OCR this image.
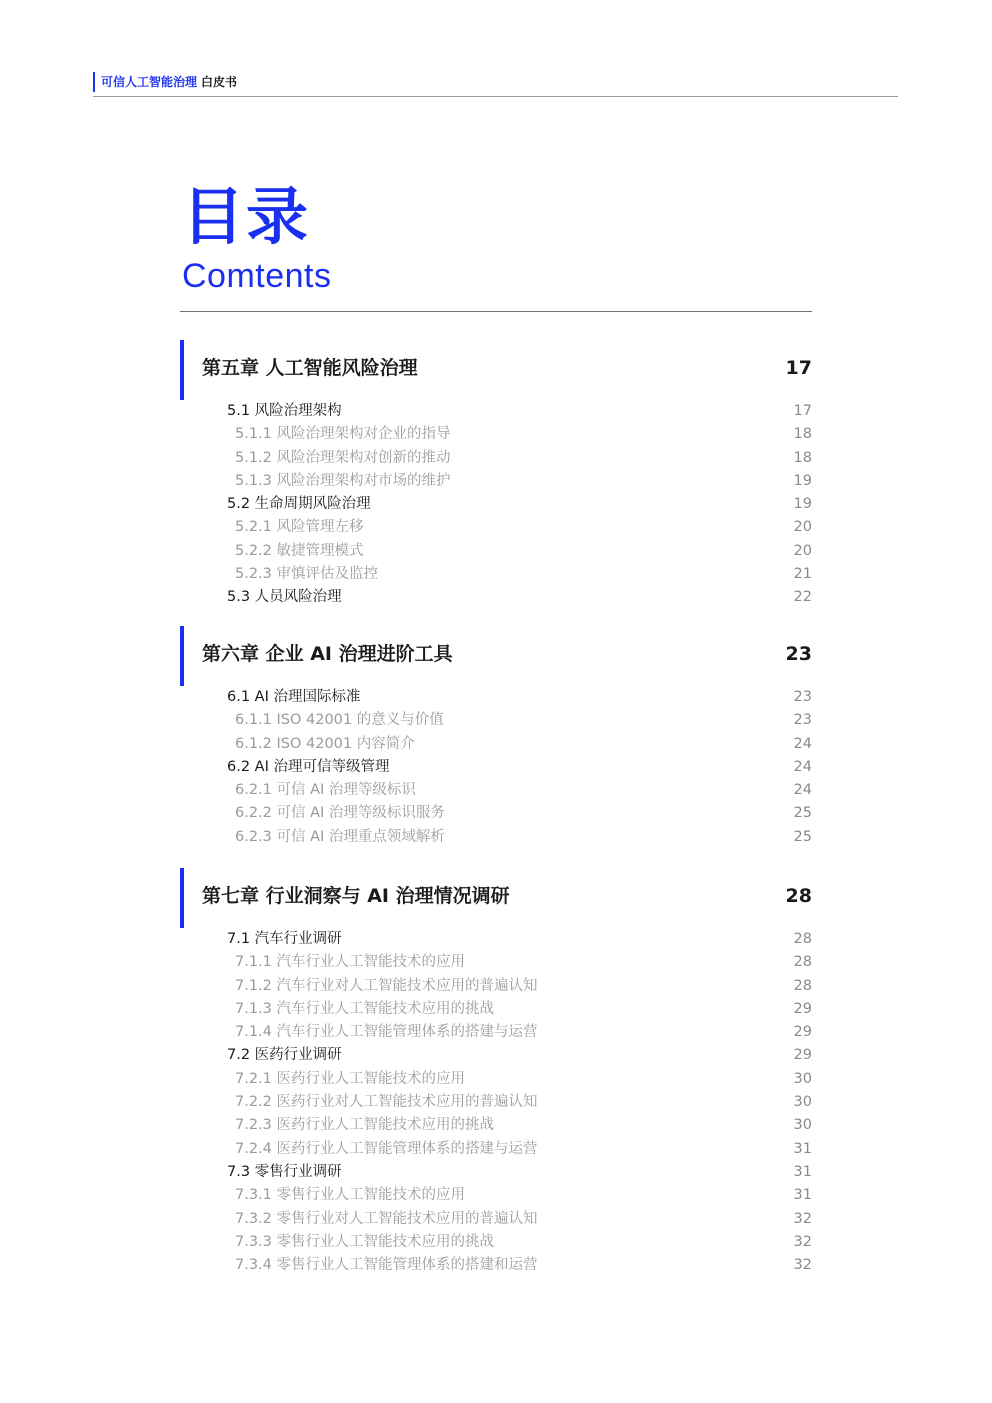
可信人工智能治理 白皮书
目录
Comtents
第五章 人工智能风险治理	17
5.1 风险治理架构	17
5.1.1 风险治理架构对企业的指导	18
5.1.2 风险治理架构对创新的推动	18
5.1.3 风险治理架构对市场的维护	19
5.2 生命周期风险治理	19
5.2.1 风险管理左移	20
5.2.2 敏捷管理模式	20
5.2.3 审慎评估及监控	21
5.3 人员风险治理	22
第六章 企业 AI 治理进阶工具	23
6.1 AI 治理国际标准	23
6.1.1 ISO 42001 的意义与价值	23
6.1.2 ISO 42001 内容简介	24
6.2 AI 治理可信等级管理	24
6.2.1 可信 AI 治理等级标识	24
6.2.2 可信 AI 治理等级标识服务	25
6.2.3 可信 AI 治理重点领域解析	25
第七章 行业洞察与 AI 治理情况调研	28
7.1 汽车行业调研	28
7.1.1 汽车行业人工智能技术的应用	28
7.1.2 汽车行业对人工智能技术应用的普遍认知	28
7.1.3 汽车行业人工智能技术应用的挑战	29
7.1.4 汽车行业人工智能管理体系的搭建与运营	29
7.2 医药行业调研	29
7.2.1 医药行业人工智能技术的应用	30
7.2.2 医药行业对人工智能技术应用的普遍认知	30
7.2.3 医药行业人工智能技术应用的挑战	30
7.2.4 医药行业人工智能管理体系的搭建与运营	31
7.3 零售行业调研	31
7.3.1 零售行业人工智能技术的应用	31
7.3.2 零售行业对人工智能技术应用的普遍认知	32
7.3.3 零售行业人工智能技术应用的挑战	32
7.3.4 零售行业人工智能管理体系的搭建和运营	32
